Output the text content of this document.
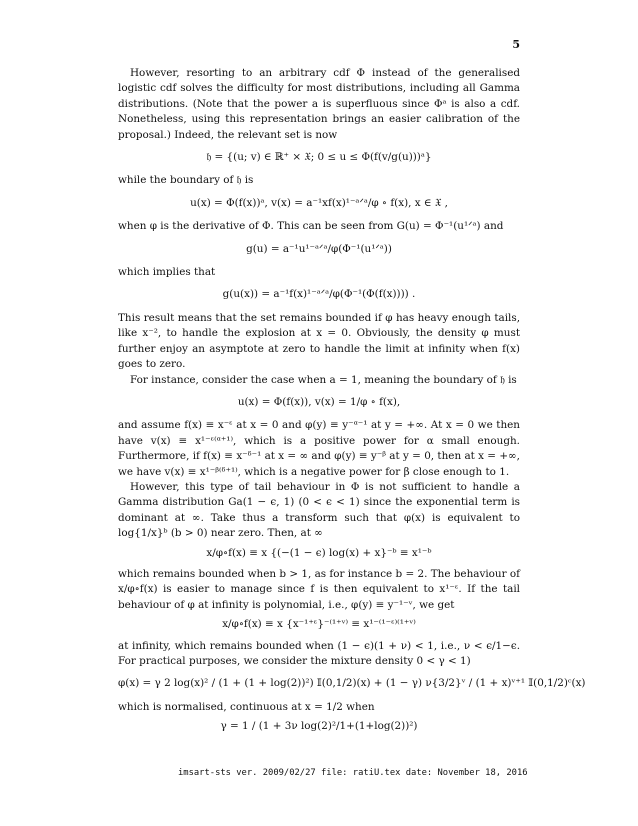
5

However, resorting to an arbitrary cdf Φ instead of the generalised logistic cdf solves the difficulty for most distributions, including all Gamma distributions. (Note that the power a is superfluous since Φᵃ is also a cdf. Nonetheless, using this representation brings an easier calibration of the proposal.) Indeed, the relevant set is now

𝔥 = {(u; v) ∈ ℝ⁺ × 𝔛; 0 ≤ u ≤ Φ(f(v/g(u)))ᵃ}

while the boundary of 𝔥 is

u(x) = Φ(f(x))ᵃ, v(x) = a⁻¹xf(x)¹⁻ᵃᐟᵃ/φ ∘ f(x), x ∈ 𝔛 ,

when φ is the derivative of Φ. This can be seen from G(u) = Φ⁻¹(u¹ᐟᵃ) and

g(u) = a⁻¹u¹⁻ᵃᐟᵃ/φ(Φ⁻¹(u¹ᐟᵃ))

which implies that

g(u(x)) = a⁻¹f(x)¹⁻ᵃᐟᵃ/φ(Φ⁻¹(Φ(f(x)))) .

This result means that the set remains bounded if φ has heavy enough tails, like x⁻², to handle the explosion at x = 0. Obviously, the density φ must further enjoy an asymptote at zero to handle the limit at infinity when f(x) goes to zero.

For instance, consider the case when a = 1, meaning the boundary of 𝔥 is

u(x) = Φ(f(x)), v(x) = 1/φ ∘ f(x),

and assume f(x) ≡ x⁻ᵋ at x = 0 and φ(y) ≡ y⁻ᵅ⁻¹ at y = +∞. At x = 0 we then have v(x) ≡ x¹⁻ᵋ⁽ᵅ⁺¹⁾, which is a positive power for α small enough. Furthermore, if f(x) ≡ x⁻ᵟ⁻¹ at x = ∞ and φ(y) ≡ y⁻ᵝ at y = 0, then at x = +∞, we have v(x) ≡ x¹⁻ᵝ⁽ᵟ⁺¹⁾, which is a negative power for β close enough to 1.

However, this type of tail behaviour in Φ is not sufficient to handle a Gamma distribution Ga(1 − ϵ, 1) (0 < ϵ < 1) since the exponential term is dominant at ∞. Take thus a transform such that φ(x) is equivalent to log{1/x}ᵇ (b > 0) near zero. Then, at ∞

x/φ∘f(x) ≡ x {(−(1 − ϵ) log(x) + x}⁻ᵇ ≡ x¹⁻ᵇ

which remains bounded when b > 1, as for instance b = 2. The behaviour of x/φ∘f(x) is easier to manage since f is then equivalent to x¹⁻ᵋ. If the tail behaviour of φ at infinity is polynomial, i.e., φ(y) ≡ y⁻¹⁻ᵛ, we get

x/φ∘f(x) ≡ x {x⁻¹⁺ᵋ}⁻⁽¹⁺ᵛ⁾ ≡ x¹⁻⁽¹⁻ᵋ⁾⁽¹⁺ᵛ⁾

at infinity, which remains bounded when (1 − ϵ)(1 + ν) < 1, i.e., ν < ϵ/1−ϵ. For practical purposes, we consider the mixture density 0 < γ < 1)

φ(x) = γ 2 log(x)² / (1 + (1 + log(2))²) 𝕀(0,1/2)(x) + (1 − γ) ν{3/2}ᵛ / (1 + x)ᵛ⁺¹ 𝕀(0,1/2)ᶜ(x)

which is normalised, continuous at x = 1/2 when

γ = 1 / (1 + 3ν log(2)²/1+(1+log(2))²)
imsart-sts ver. 2009/02/27 file: ratiU.tex date: November 18, 2016
